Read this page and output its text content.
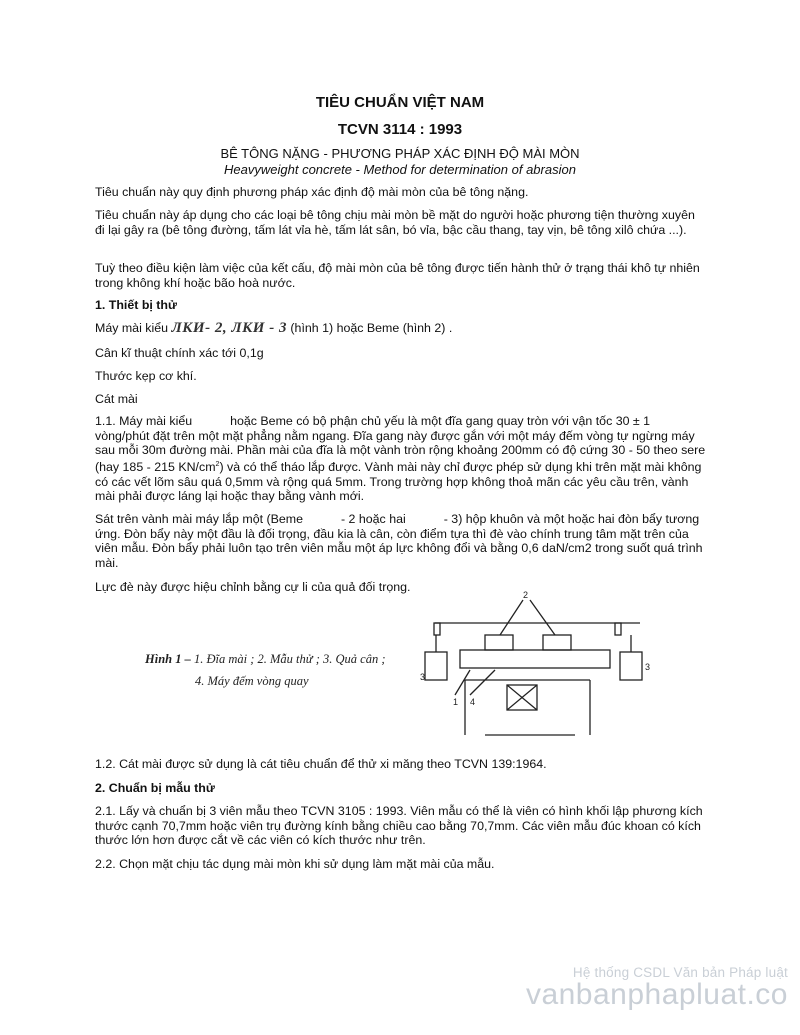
TIÊU CHUẨN VIỆT NAM
TCVN 3114 : 1993
BÊ TÔNG NẶNG - PHƯƠNG PHÁP XÁC ĐỊNH ĐỘ MÀI MÒN
Heavyweight concrete - Method for determination of abrasion

Tiêu chuẩn này quy định phương pháp xác định độ mài mòn của bê tông nặng.

Tiêu chuẩn này áp dụng cho các loại bê tông chịu mài mòn bề mặt do người hoặc phương tiện thường xuyên đi lại gây ra (bê tông đường, tấm lát vỉa hè, tấm lát sân, bó vỉa, bậc cầu thang, tay vịn, bê tông xilô chứa ...).

Tuỳ theo điều kiện làm việc của kết cấu, độ mài mòn của bê tông được tiến hành thử ở trạng thái khô tự nhiên trong không khí hoặc bão hoà nước.

1. Thiết bị thử

Máy mài kiểu ЛКИ- 2, ЛКИ - 3 (hình 1) hoặc Beme (hình 2) .

Cân kĩ thuật chính xác tới 0,1g

Thước kẹp cơ khí.

Cát mài

1.1. Máy mài kiểu	hoặc Beme có bộ phận chủ yếu là một đĩa gang quay tròn với vận tốc 30 ± 1 vòng/phút đặt trên một mặt phẳng nằm ngang. Đĩa gang này được gắn với một máy đếm vòng tự ngừng máy sau mỗi 30m đường mài. Phần mài của đĩa là một vành tròn rộng khoảng 200mm có độ cứng 30 - 50 theo sere (hay 185 - 215 $KN/cm^2$) và có thể tháo lắp được. Vành mài này chỉ được phép sử dụng khi trên mặt mài không có các vết lõm sâu quá 0,5mm và rộng quá 5mm. Trong trường hợp không thoả mãn các yêu cầu trên, vành mài phải được láng lại hoặc thay bằng vành mới.

Sát trên vành mài máy lắp một (Beme	- 2 hoặc hai	- 3) hộp khuôn và một hoặc hai đòn bẩy tương ứng. Đòn bẩy này một đầu là đối trọng, đầu kia là cân, còn điểm tựa thì đè vào chính trung tâm mặt trên của viên mẫu. Đòn bẩy phải luôn tạo trên viên mẫu một áp lực không đổi và bằng 0,6 daN/cm2 trong suốt quá trình mài.

Lực đè này được hiệu chỉnh bằng cự li của quả đối trọng.

Hình 1 – 1. Đĩa mài ; 2. Mẫu thử ; 3. Quả cân ;
4. Máy đếm vòng quay
1
2
3
3
4

1.2. Cát mài được sử dụng là cát tiêu chuẩn để thử xi măng theo TCVN 139:1964.

2. Chuẩn bị mẫu thử

2.1. Lấy và chuẩn bị 3 viên mẫu theo TCVN 3105 : 1993. Viên mẫu có thể là viên có hình khối lập phương kích thước cạnh 70,7mm hoặc viên trụ đường kính bằng chiều cao bằng 70,7mm. Các viên mẫu đúc khoan có kích thước lớn hơn được cắt về các viên có kích thước như trên.

2.2. Chọn mặt chịu tác dụng mài mòn khi sử dụng làm mặt mài của mẫu.

Hệ thống CSDL Văn bản Pháp luật
vanbanphapluat.co
